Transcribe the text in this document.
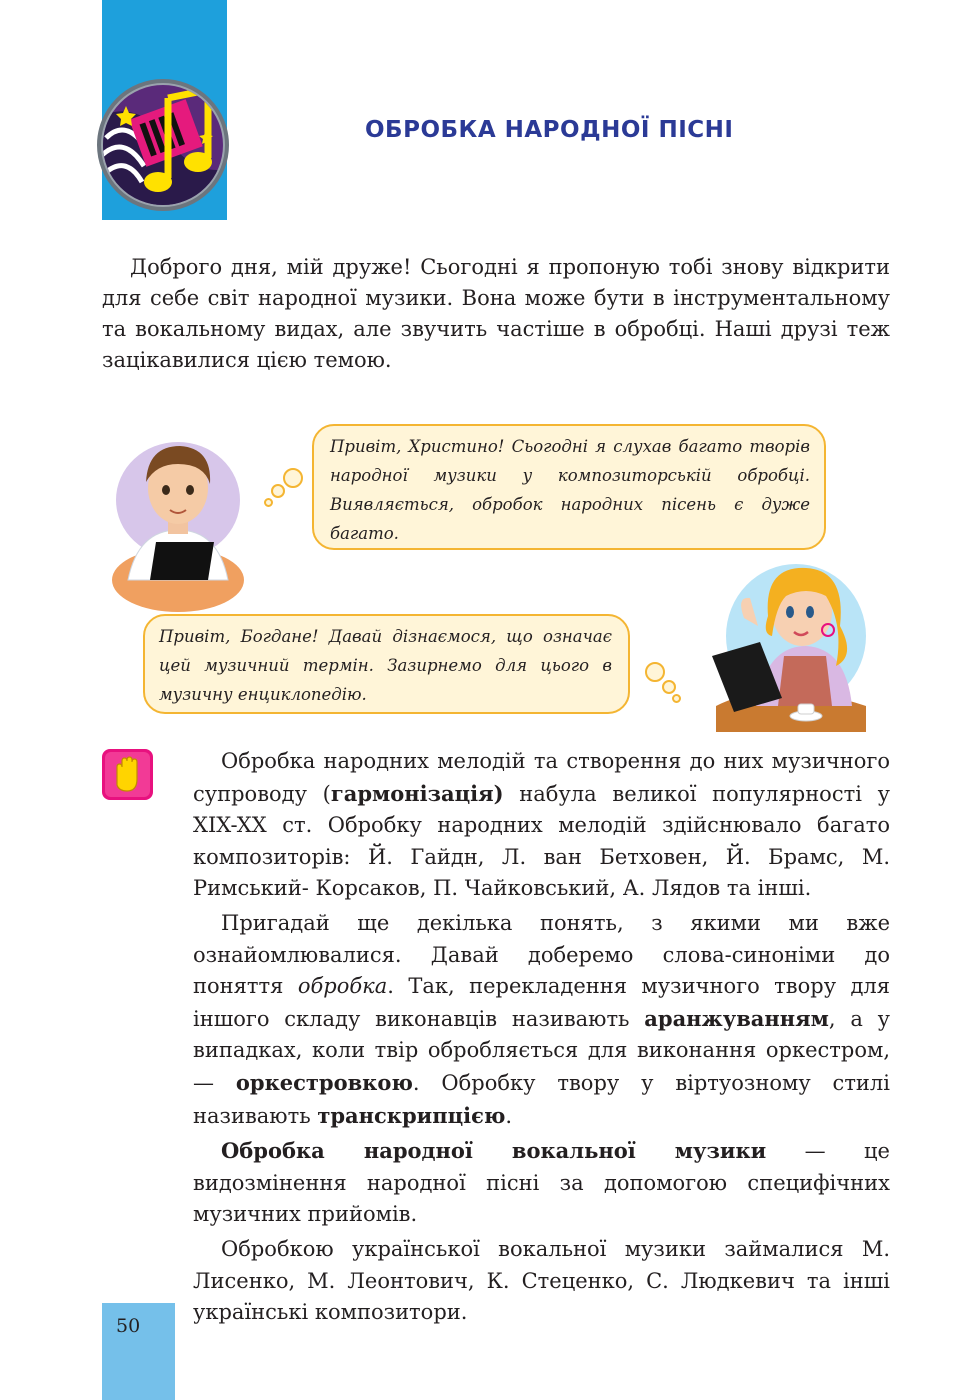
ОБРОБКА НАРОДНОЇ ПІСНІ

Доброго дня, мій друже! Сьогодні я пропоную тобі знову відкрити для себе світ народної музики. Вона може бути в інструментальному та вокальному видах, але звучить частіше в обробці. Наші друзі теж зацікавилися цією темою.

Привіт, Христино! Сьогодні я слухав багато творів народної музики у композиторській обробці. Виявляється, обробок народних пісень є дуже багато.
Привіт, Богдане! Давай дізнаємося, що означає цей музичний термін. Зазирнемо для цього в музичну енциклопедію.

Обробка народних мелодій та створення до них музичного супроводу (гармонізація) набула великої популярності у XIX-XX ст. Обробку народних мелодій здійснювало багато композиторів: Й. Гайдн, Л. ван Бетховен, Й. Брамс, М. Римський- Корсаков, П. Чайковський, А. Лядов та інші.

Пригадай ще декілька понять, з якими ми вже ознайомлювалися. Давай доберемо слова-синоніми до поняття обробка. Так, перекладення музичного твору для іншого складу виконавців називають аранжуванням, а у випадках, коли твір обробляється для виконання оркестром, — оркестровкою. Обробку твору у віртуозному стилі називають транскрипцією.

Обробка народної вокальної музики — це видозмінення народної пісні за допомогою специфічних музичних прийомів.

Обробкою української вокальної музики займалися М. Лисенко, М. Леонтович, К. Стеценко, С. Людкевич та інші українські композитори.

50
